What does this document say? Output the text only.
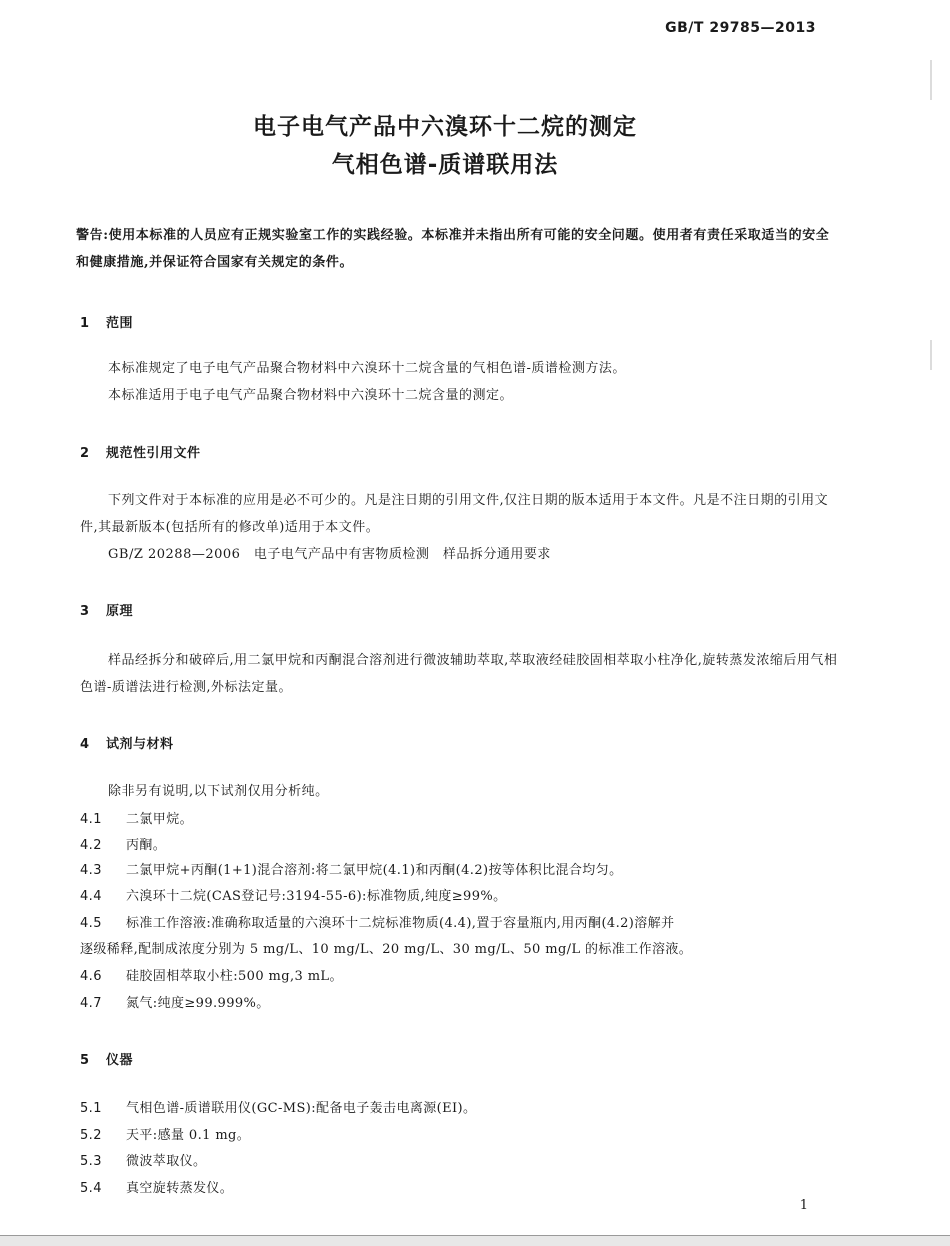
GB/T 29785—2013
电子电气产品中六溴环十二烷的测定
气相色谱-质谱联用法
警告:使用本标准的人员应有正规实验室工作的实践经验。本标准并未指出所有可能的安全问题。使用者有责任采取适当的安全和健康措施,并保证符合国家有关规定的条件。
1 范围
本标准规定了电子电气产品聚合物材料中六溴环十二烷含量的气相色谱-质谱检测方法。
本标准适用于电子电气产品聚合物材料中六溴环十二烷含量的测定。
2 规范性引用文件
下列文件对于本标准的应用是必不可少的。凡是注日期的引用文件,仅注日期的版本适用于本文件。凡是不注日期的引用文件,其最新版本(包括所有的修改单)适用于本文件。
GB/Z 20288—2006　电子电气产品中有害物质检测　样品拆分通用要求
3 原理
样品经拆分和破碎后,用二氯甲烷和丙酮混合溶剂进行微波辅助萃取,萃取液经硅胶固相萃取小柱净化,旋转蒸发浓缩后用气相色谱-质谱法进行检测,外标法定量。
4 试剂与材料
除非另有说明,以下试剂仅用分析纯。
4.1 二氯甲烷。
4.2 丙酮。
4.3 二氯甲烷+丙酮(1+1)混合溶剂:将二氯甲烷(4.1)和丙酮(4.2)按等体积比混合均匀。
4.4 六溴环十二烷(CAS登记号:3194-55-6):标准物质,纯度≥99%。
4.5 标准工作溶液:准确称取适量的六溴环十二烷标准物质(4.4),置于容量瓶内,用丙酮(4.2)溶解并
逐级稀释,配制成浓度分别为 5 mg/L、10 mg/L、20 mg/L、30 mg/L、50 mg/L 的标准工作溶液。
4.6 硅胶固相萃取小柱:500 mg,3 mL。
4.7 氮气:纯度≥99.999%。
5 仪器
5.1 气相色谱-质谱联用仪(GC-MS):配备电子轰击电离源(EI)。
5.2 天平:感量 0.1 mg。
5.3 微波萃取仪。
5.4 真空旋转蒸发仪。
1
